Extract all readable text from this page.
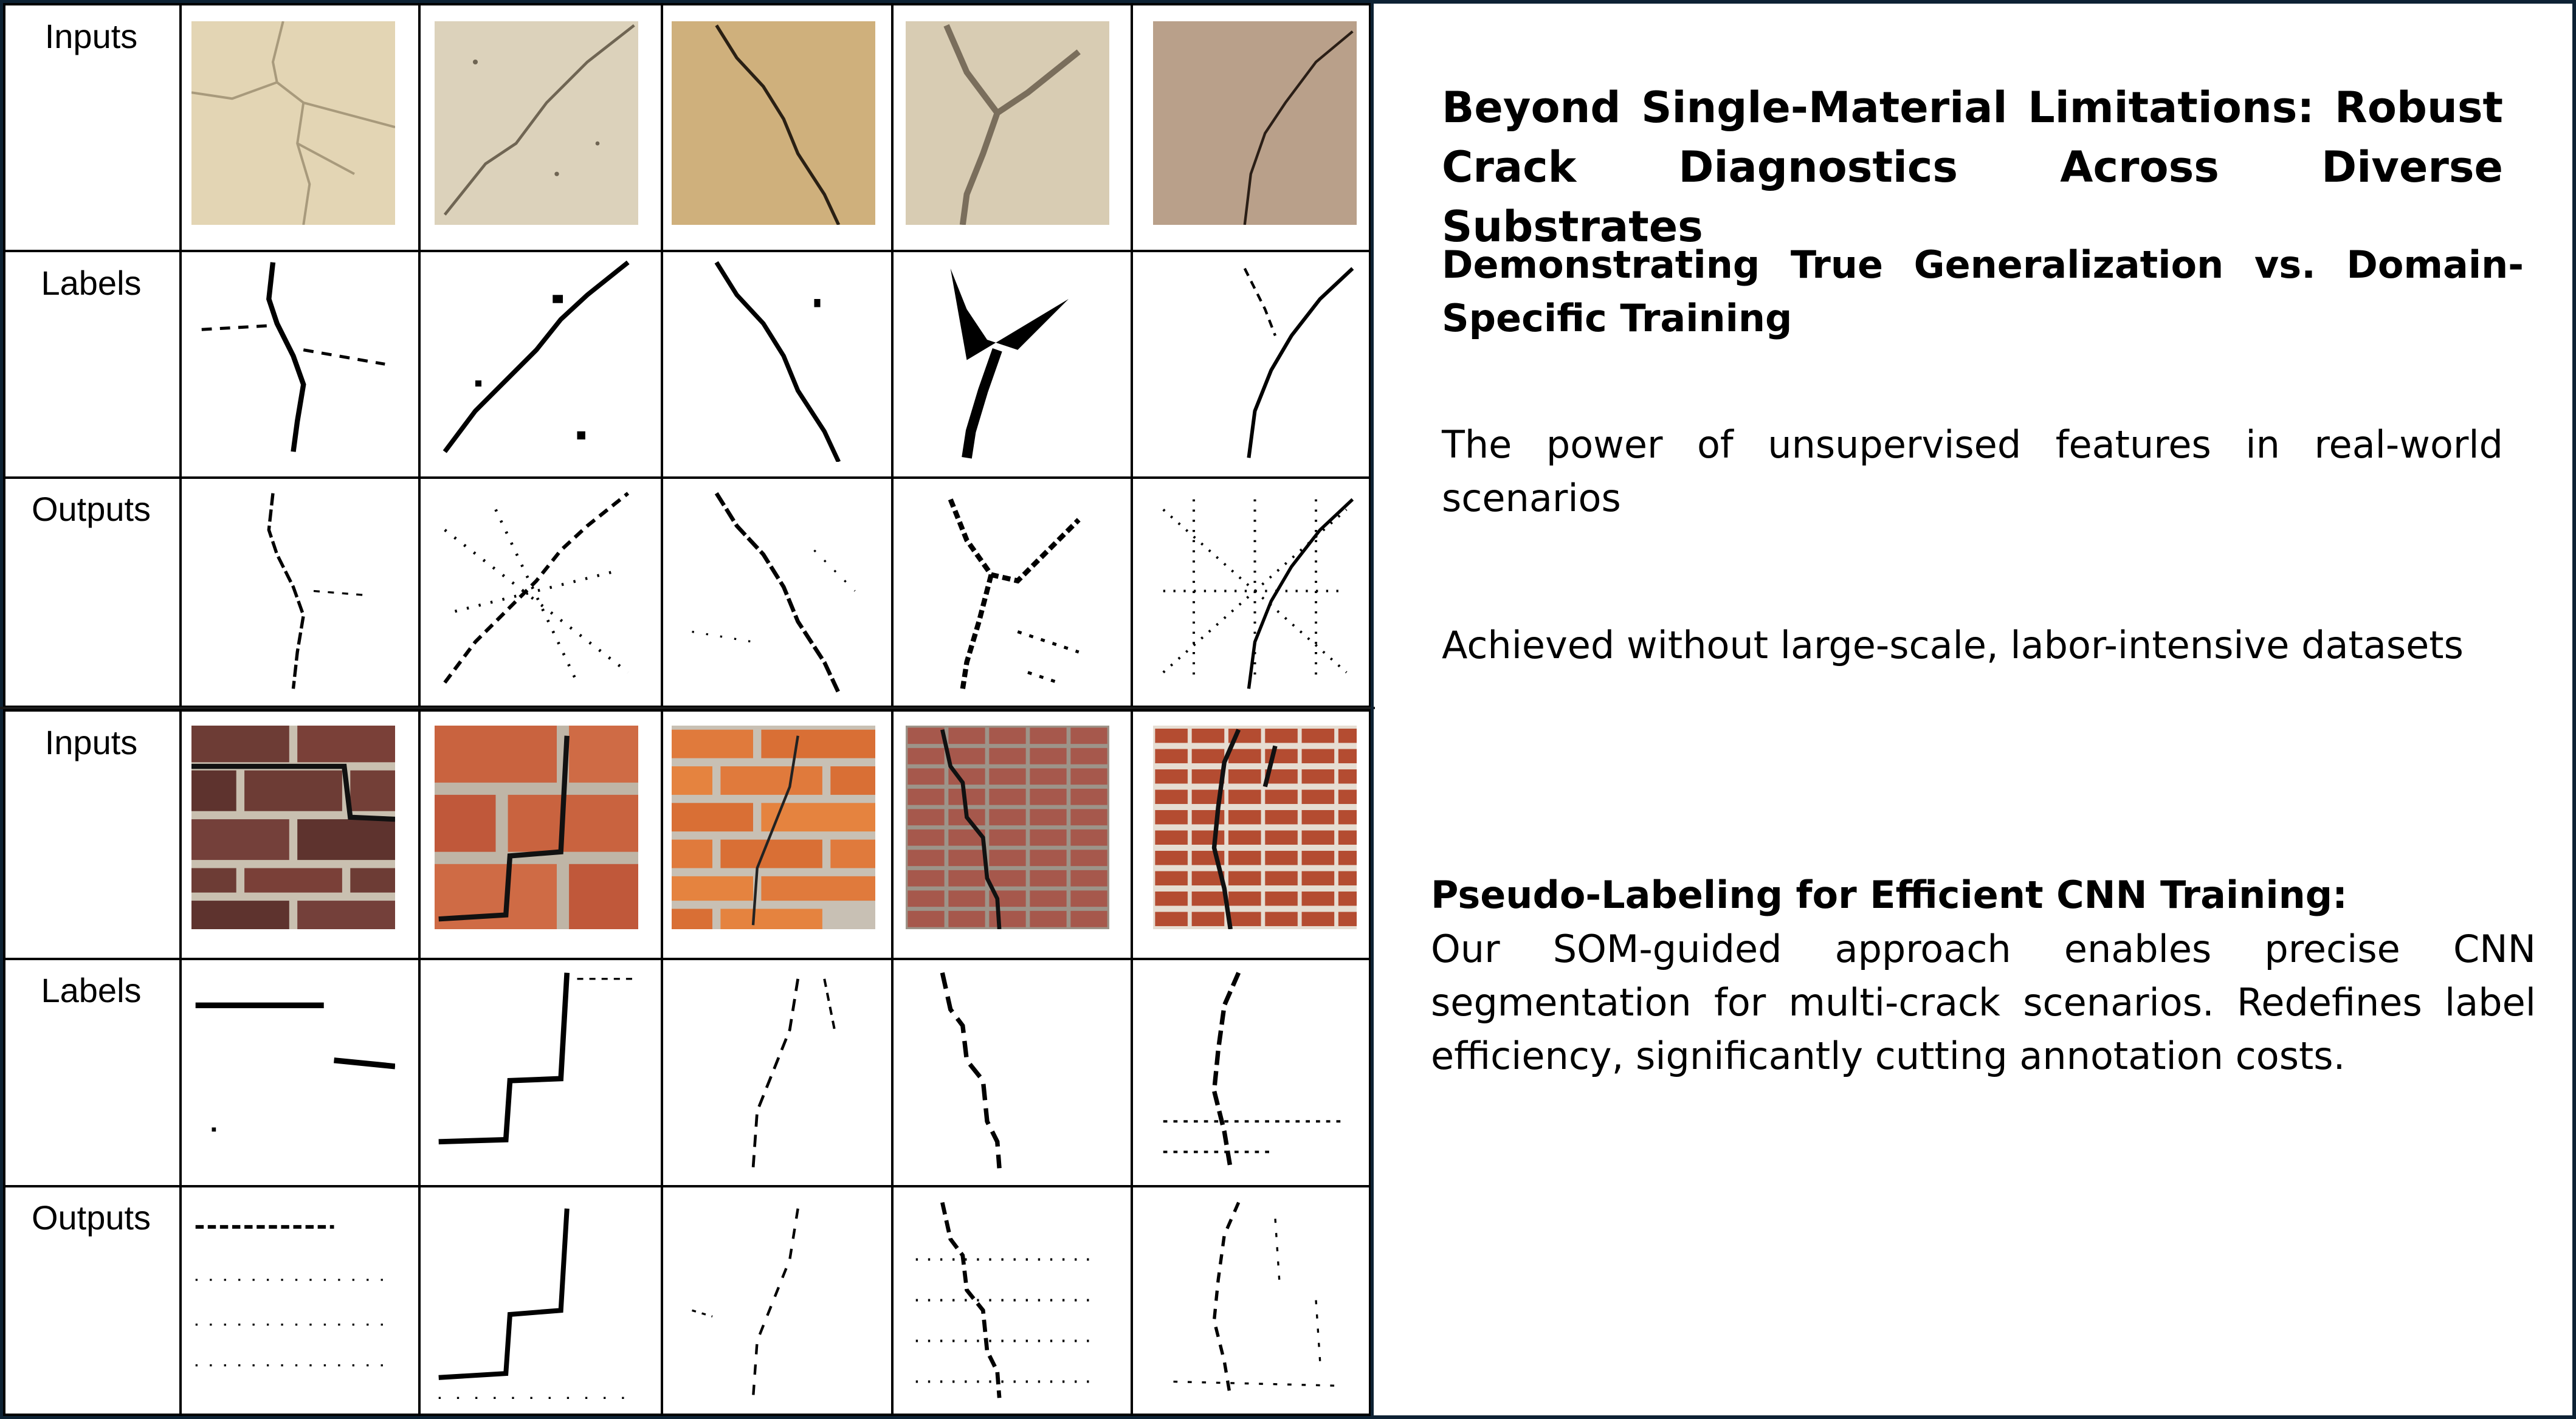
Inputs
Labels
Outputs
Inputs
Labels
Outputs
Beyond Single-Material Limitations: Robust Crack Diagnostics Across Diverse Substrates
Demonstrating True Generalization vs. Domain-Specific Training
The power of unsupervised features in real-world scenarios
Achieved without large-scale, labor-intensive datasets
Pseudo-Labeling for Efficient CNN Training:
Our SOM-guided approach enables precise CNN segmentation for multi-crack scenarios. Redefines label efficiency, significantly cutting annotation costs.
